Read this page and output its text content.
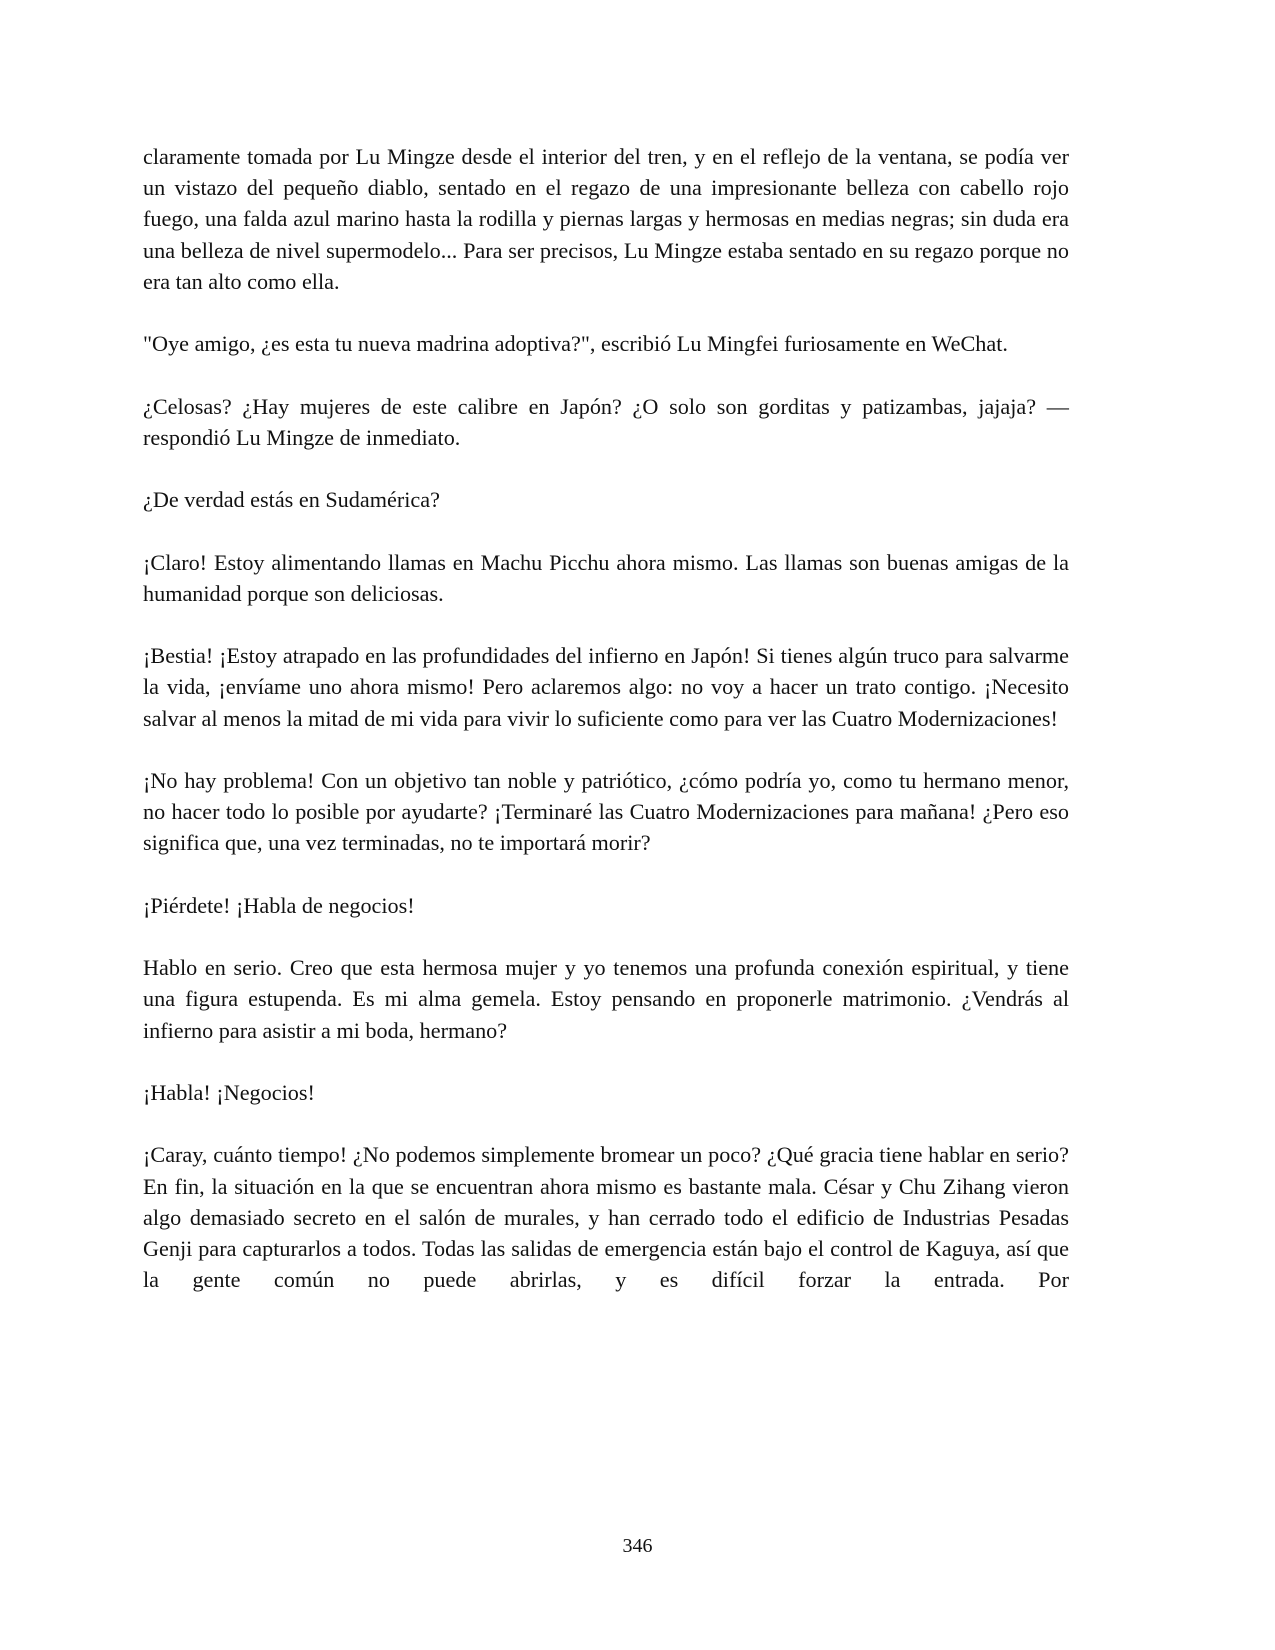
claramente tomada por Lu Mingze desde el interior del tren, y en el reflejo de la ventana, se podía ver un vistazo del pequeño diablo, sentado en el regazo de una impresionante belleza con cabello rojo fuego, una falda azul marino hasta la rodilla y piernas largas y hermosas en medias negras; sin duda era una belleza de nivel supermodelo... Para ser precisos, Lu Mingze estaba sentado en su regazo porque no era tan alto como ella.

"Oye amigo, ¿es esta tu nueva madrina adoptiva?", escribió Lu Mingfei furiosamente en WeChat.

¿Celosas? ¿Hay mujeres de este calibre en Japón? ¿O solo son gorditas y patizambas, jajaja? —respondió Lu Mingze de inmediato.

¿De verdad estás en Sudamérica?

¡Claro! Estoy alimentando llamas en Machu Picchu ahora mismo. Las llamas son buenas amigas de la humanidad porque son deliciosas.

¡Bestia! ¡Estoy atrapado en las profundidades del infierno en Japón! Si tienes algún truco para salvarme la vida, ¡envíame uno ahora mismo! Pero aclaremos algo: no voy a hacer un trato contigo. ¡Necesito salvar al menos la mitad de mi vida para vivir lo suficiente como para ver las Cuatro Modernizaciones!

¡No hay problema! Con un objetivo tan noble y patriótico, ¿cómo podría yo, como tu hermano menor, no hacer todo lo posible por ayudarte? ¡Terminaré las Cuatro Modernizaciones para mañana! ¿Pero eso significa que, una vez terminadas, no te importará morir?

¡Piérdete! ¡Habla de negocios!

Hablo en serio. Creo que esta hermosa mujer y yo tenemos una profunda conexión espiritual, y tiene una figura estupenda. Es mi alma gemela. Estoy pensando en proponerle matrimonio. ¿Vendrás al infierno para asistir a mi boda, hermano?

¡Habla! ¡Negocios!

¡Caray, cuánto tiempo! ¿No podemos simplemente bromear un poco? ¿Qué gracia tiene hablar en serio? En fin, la situación en la que se encuentran ahora mismo es bastante mala. César y Chu Zihang vieron algo demasiado secreto en el salón de murales, y han cerrado todo el edificio de Industrias Pesadas Genji para capturarlos a todos. Todas las salidas de emergencia están bajo el control de Kaguya, así que la gente común no puede abrirlas, y es difícil forzar la entrada. Por

346
